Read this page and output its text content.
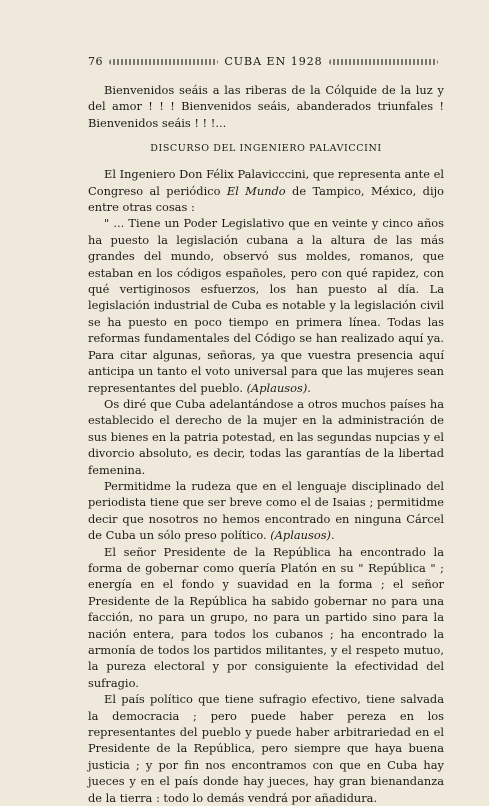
76	CUBA EN 1928

Bienvenidos seáis a las riberas de la Cólquide de la luz y del amor ! ! ! Bienvenidos seáis, abanderados triunfales ! Bienvenidos seáis ! ! !...

DISCURSO DEL INGENIERO PALAVICCINI

El Ingeniero Don Félix Palavicccini, que representa ante el Congreso al periódico El Mundo de Tampico, México, dijo entre otras cosas :

" ... Tiene un Poder Legislativo que en veinte y cinco años ha puesto la legislación cubana a la altura de las más grandes del mundo, observó sus moldes, romanos, que estaban en los códigos españoles, pero con qué rapidez, con qué vertiginosos esfuerzos, los han puesto al día. La legislación industrial de Cuba es notable y la legislación civil se ha puesto en poco tiempo en primera línea. Todas las reformas fundamentales del Código se han realizado aquí ya. Para citar algunas, señoras, ya que vuestra presencia aquí anticipa un tanto el voto universal para que las mujeres sean representantes del pueblo. (Aplausos).

Os diré que Cuba adelantándose a otros muchos países ha establecido el derecho de la mujer en la administración de sus bienes en la patria potestad, en las segundas nupcias y el divorcio absoluto, es decir, todas las garantías de la libertad femenina.

Permitidme la rudeza que en el lenguaje disciplinado del periodista tiene que ser breve como el de Isaias ; permitidme decir que nosotros no hemos encontrado en ninguna Cárcel de Cuba un sólo preso político. (Aplausos).

El señor Presidente de la República ha encontrado la forma de gobernar como quería Platón en su " República " ; energía en el fondo y suavidad en la forma ; el señor Presidente de la República ha sabido gobernar no para una facción, no para un grupo, no para un partido sino para la nación entera, para todos los cubanos ; ha encontrado la armonía de todos los partidos militantes, y el respeto mutuo, la pureza electoral y por consiguiente la efectividad del sufragio.

El país político que tiene sufragio efectivo, tiene salvada la democracia ; pero puede haber pereza en los representantes del pueblo y puede haber arbitrariedad en el Presidente de la República, pero siempre que haya buena justicia ; y por fin nos encontramos con que en Cuba hay jueces y en el país donde hay jueces, hay gran bienandanza de la tierra : todo lo demás vendrá por añadidura.
